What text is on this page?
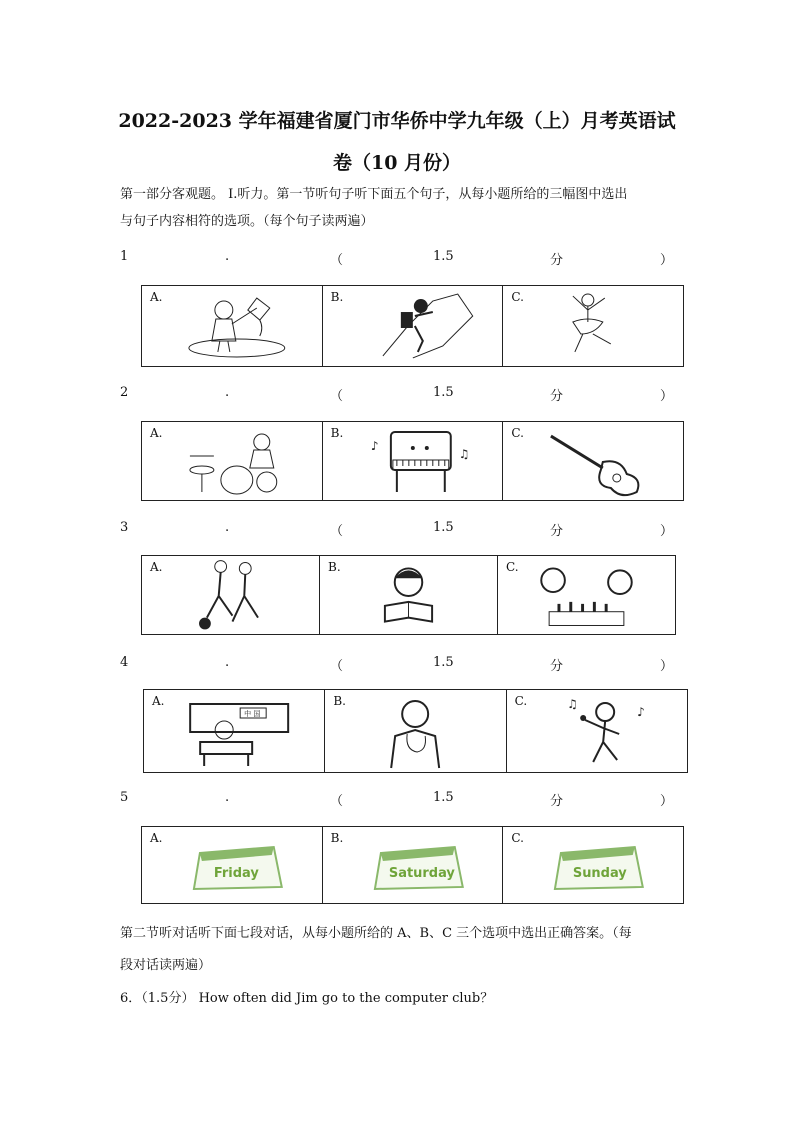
2022-2023 学年福建省厦门市华侨中学九年级（上）月考英语试
卷（10 月份）
第一部分客观题。 Ⅰ.听力。第一节听句子听下面五个句子，从每小题所给的三幅图中选出
与句子内容相符的选项。（每个句子读两遍）
1	.	（	1.5	分	）
A.	B.	C.
2	.	（	1.5	分	）
A.	B.
♪
♫
C.
3	.	（	1.5	分	）
A.	B.	C.
4	.	（	1.5	分	）
A.
中 国
B.	C.	♫
♪
5	.	（	1.5	分	）
A.
Friday
B.
Saturday
C.
Sunday
第二节听对话听下面七段对话，从每小题所给的 A、B、C 三个选项中选出正确答案。（每
段对话读两遍）
6．（1.5分） How often did Jim go to the computer club？
